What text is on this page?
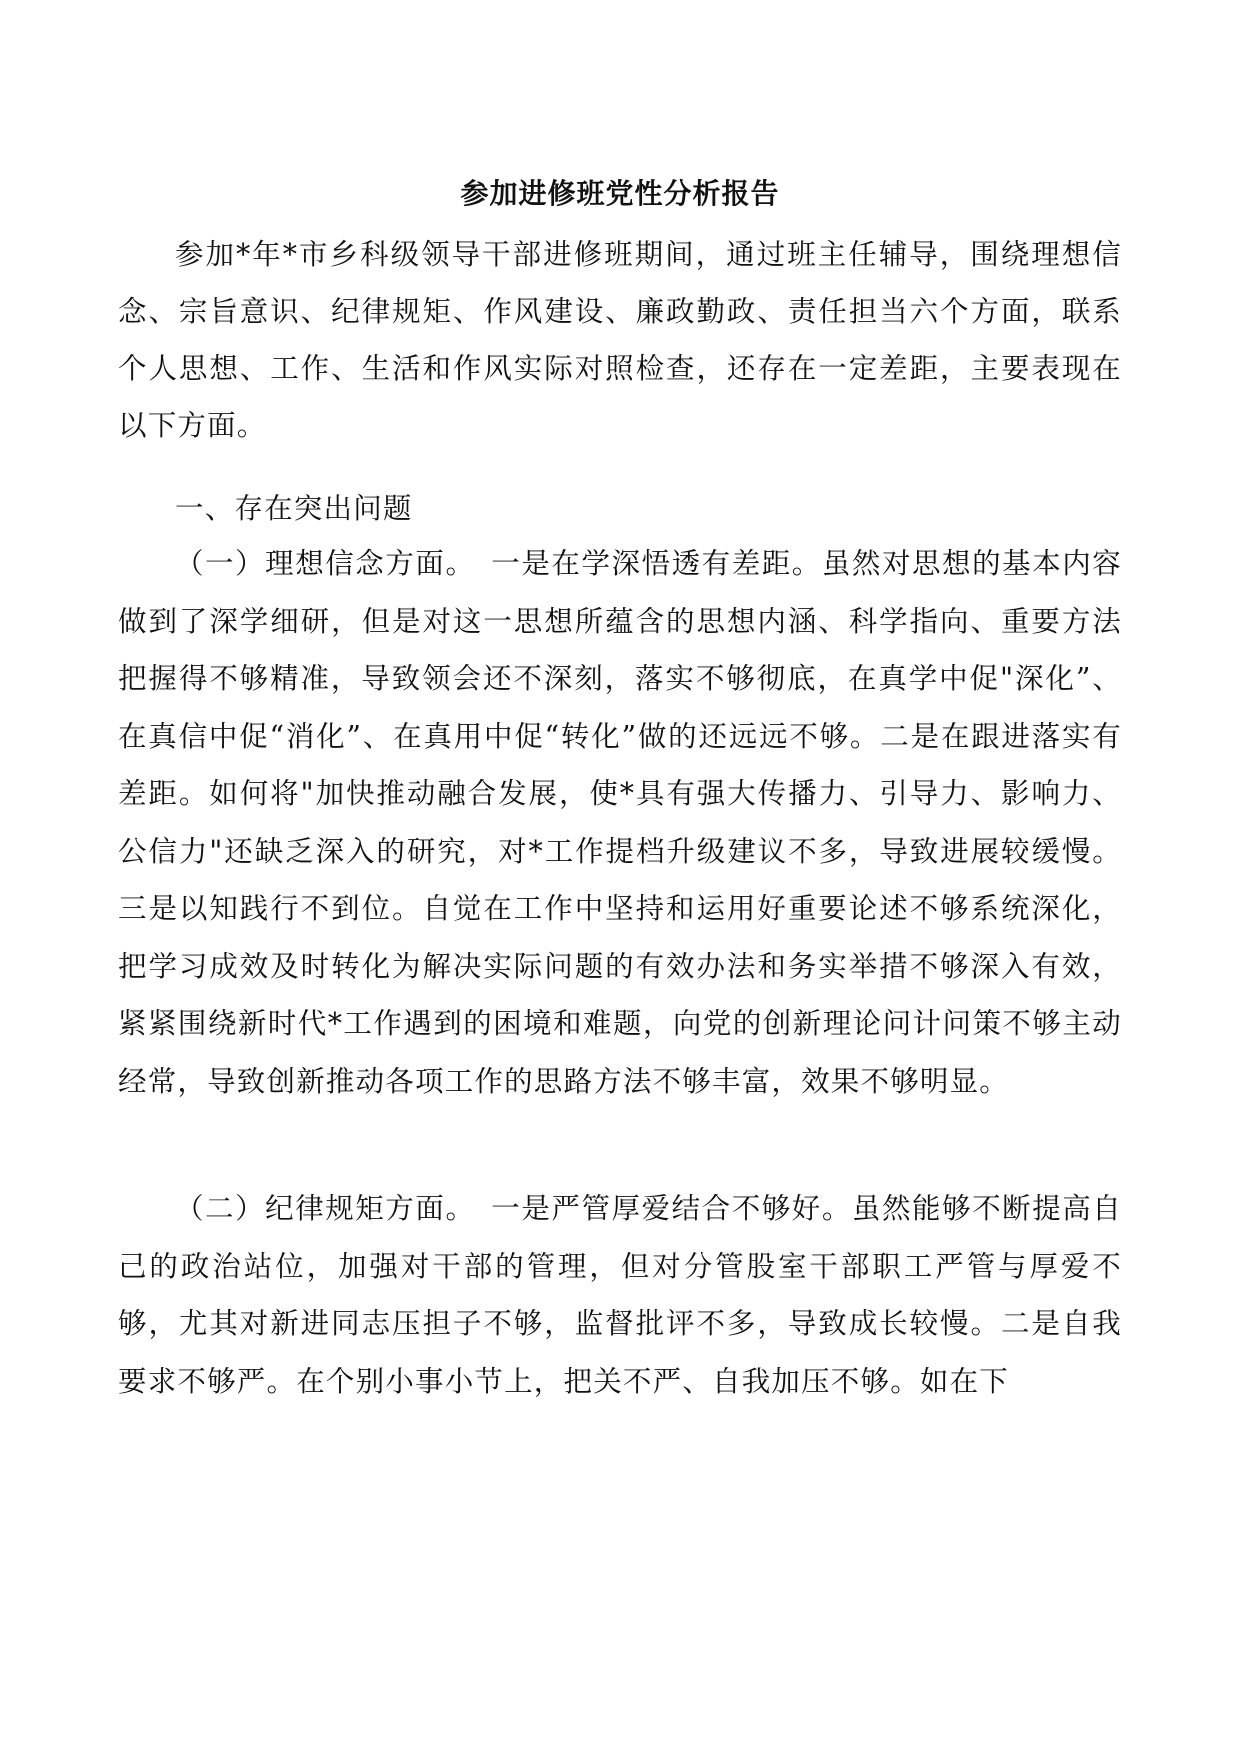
参加进修班党性分析报告

参加*年*市乡科级领导干部进修班期间，通过班主任辅导，围绕理想信念、宗旨意识、纪律规矩、作风建设、廉政勤政、责任担当六个方面，联系个人思想、工作、生活和作风实际对照检查，还存在一定差距，主要表现在以下方面。

一、存在突出问题

（一）理想信念方面。　一是在学深悟透有差距。虽然对思想的基本内容做到了深学细研，但是对这一思想所蕴含的思想内涵、科学指向、重要方法把握得不够精准，导致领会还不深刻，落实不够彻底，在真学中促"深化”、在真信中促“消化”、在真用中促“转化”做的还远远不够。二是在跟进落实有差距。如何将"加快推动融合发展，使*具有强大传播力、引导力、影响力、公信力"还缺乏深入的研究，对*工作提档升级建议不多，导致进展较缓慢。三是以知践行不到位。自觉在工作中坚持和运用好重要论述不够系统深化，把学习成效及时转化为解决实际问题的有效办法和务实举措不够深入有效，紧紧围绕新时代*工作遇到的困境和难题，向党的创新理论问计问策不够主动经常，导致创新推动各项工作的思路方法不够丰富，效果不够明显。

（二）纪律规矩方面。　一是严管厚爱结合不够好。虽然能够不断提高自己的政治站位，加强对干部的管理，但对分管股室干部职工严管与厚爱不够，尤其对新进同志压担子不够，监督批评不多，导致成长较慢。二是自我要求不够严。在个别小事小节上，把关不严、自我加压不够。如在下
